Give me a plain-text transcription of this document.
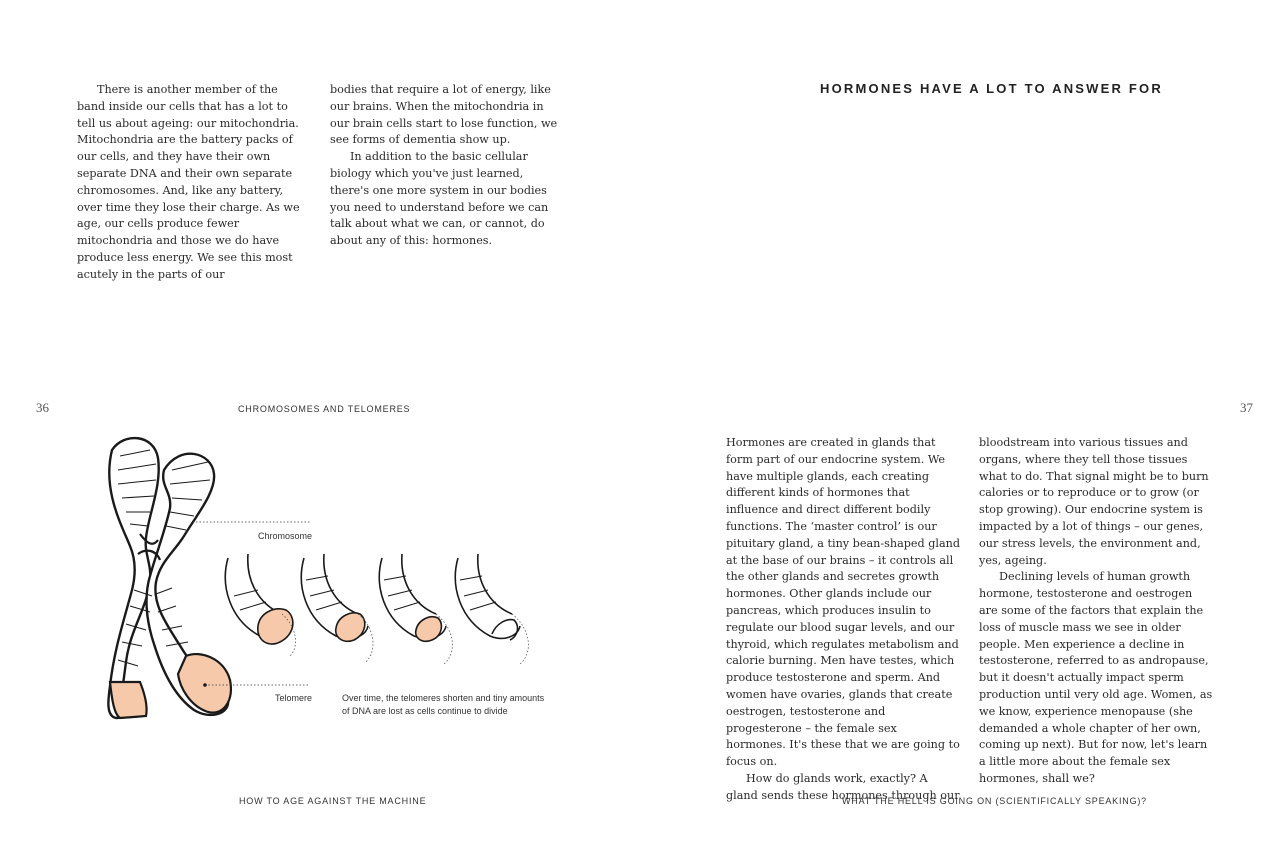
There is another member of the band inside our cells that has a lot to tell us about ageing: our mitochondria. Mitochondria are the battery packs of our cells, and they have their own separate DNA and their own separate chromosomes. And, like any battery, over time they lose their charge. As we age, our cells produce fewer mitochondria and those we do have produce less energy. We see this most acutely in the parts of our

bodies that require a lot of energy, like our brains. When the mitochondria in our brain cells start to lose function, we see forms of dementia show up.

In addition to the basic cellular biology which you've just learned, there's one more system in our bodies you need to understand before we can talk about what we can, or cannot, do about any of this: hormones.

36	CHROMOSOMES AND TELOMERES
Chromosome
Telomere	Over time, the telomeres shorten and tiny amounts of DNA are lost as cells continue to divide
HOW TO AGE AGAINST THE MACHINE
HORMONES HAVE A LOT TO ANSWER FOR
37

Hormones are created in glands that form part of our endocrine system. We have multiple glands, each creating different kinds of hormones that influence and direct different bodily functions. The ‘master control’ is our pituitary gland, a tiny bean-shaped gland at the base of our brains – it controls all the other glands and secretes growth hormones. Other glands include our pancreas, which produces insulin to regulate our blood sugar levels, and our thyroid, which regulates metabolism and calorie burning. Men have testes, which produce testosterone and sperm. And women have ovaries, glands that create oestrogen, testosterone and progesterone – the female sex hormones. It's these that we are going to focus on.

How do glands work, exactly? A gland sends these hormones through our

bloodstream into various tissues and organs, where they tell those tissues what to do. That signal might be to burn calories or to reproduce or to grow (or stop growing). Our endocrine system is impacted by a lot of things – our genes, our stress levels, the environment and, yes, ageing.

Declining levels of human growth hormone, testosterone and oestrogen are some of the factors that explain the loss of muscle mass we see in older people. Men experience a decline in testosterone, referred to as andropause, but it doesn't actually impact sperm production until very old age. Women, as we know, experience menopause (she demanded a whole chapter of her own, coming up next). But for now, let's learn a little more about the female sex hormones, shall we?

WHAT THE HELL IS GOING ON (SCIENTIFICALLY SPEAKING)?
